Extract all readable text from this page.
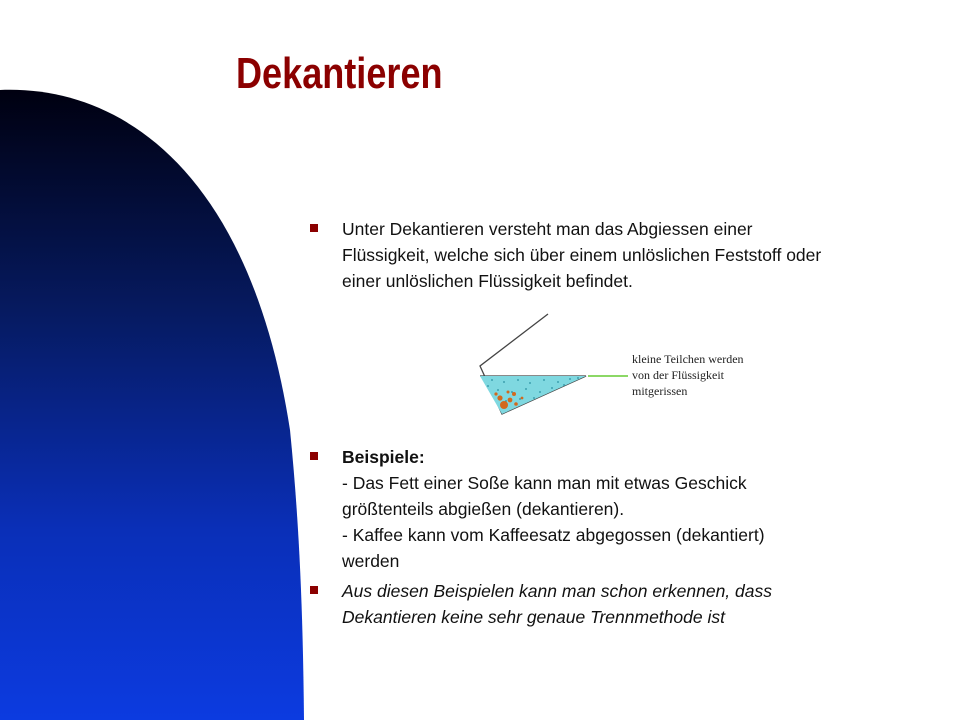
Dekantieren
Unter Dekantieren versteht man das Abgiessen einer
Flüssigkeit, welche sich über einem unlöslichen Feststoff oder
einer unlöslichen Flüssigkeit befindet.
kleine Teilchen werden
von der Flüssigkeit
mitgerissen
Beispiele:
- Das Fett einer Soße kann man mit etwas Geschick
größtenteils abgießen (dekantieren).
- Kaffee kann vom Kaffeesatz abgegossen (dekantiert)
werden
Aus diesen Beispielen kann man schon erkennen, dass
Dekantieren keine sehr genaue Trennmethode ist
